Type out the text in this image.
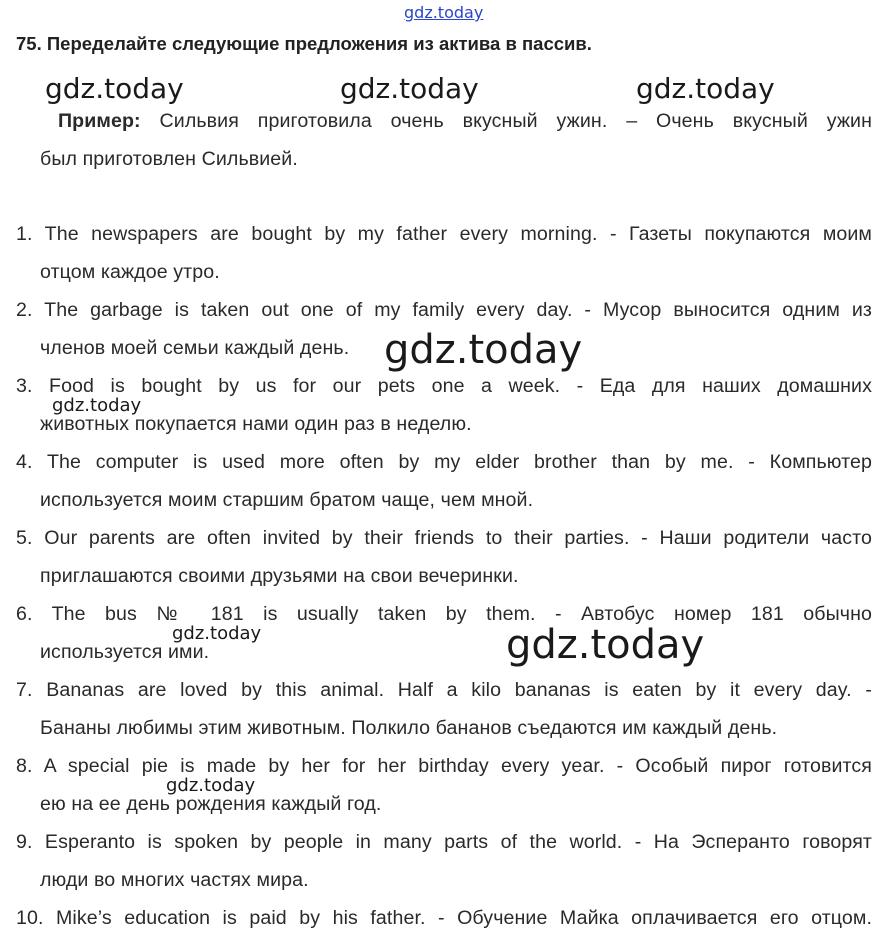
gdz.today
75. Переделайте следующие предложения из актива в пассив.
gdz.today	gdz.today	gdz.today
Пример: Сильвия приготовила очень вкусный ужин. – Очень вкусный ужин
был приготовлен Сильвией.
1. The newspapers are bought by my father every morning. - Газеты покупаются моим
отцом каждое утро.
2. The garbage is taken out one of my family every day. - Мусор выносится одним из
членов моей семьи каждый день.
3. Food is bought by us for our pets one a week. - Еда для наших домашних
животных покупается нами один раз в неделю.
4. The computer is used more often by my elder brother than by me. - Компьютер
используется моим старшим братом чаще, чем мной.
5. Our parents are often invited by their friends to their parties. - Наши родители часто
приглашаются своими друзьями на свои вечеринки.
6. The bus № 181 is usually taken by them. - Автобус номер 181 обычно
используется ими.
7. Bananas are loved by this animal. Half a kilo bananas is eaten by it every day. -
Бананы любимы этим животным. Полкило бананов съедаются им каждый день.
8. A special pie is made by her for her birthday every year. - Особый пирог готовится
ею на ее день рождения каждый год.
9. Esperanto is spoken by people in many parts of the world. - На Эсперанто говорят
люди во многих частях мира.
10. Mike’s education is paid by his father. - Обучение Майка оплачивается его отцом.
gdz.today
gdz.today
gdz.today	gdz.today
gdz.today
